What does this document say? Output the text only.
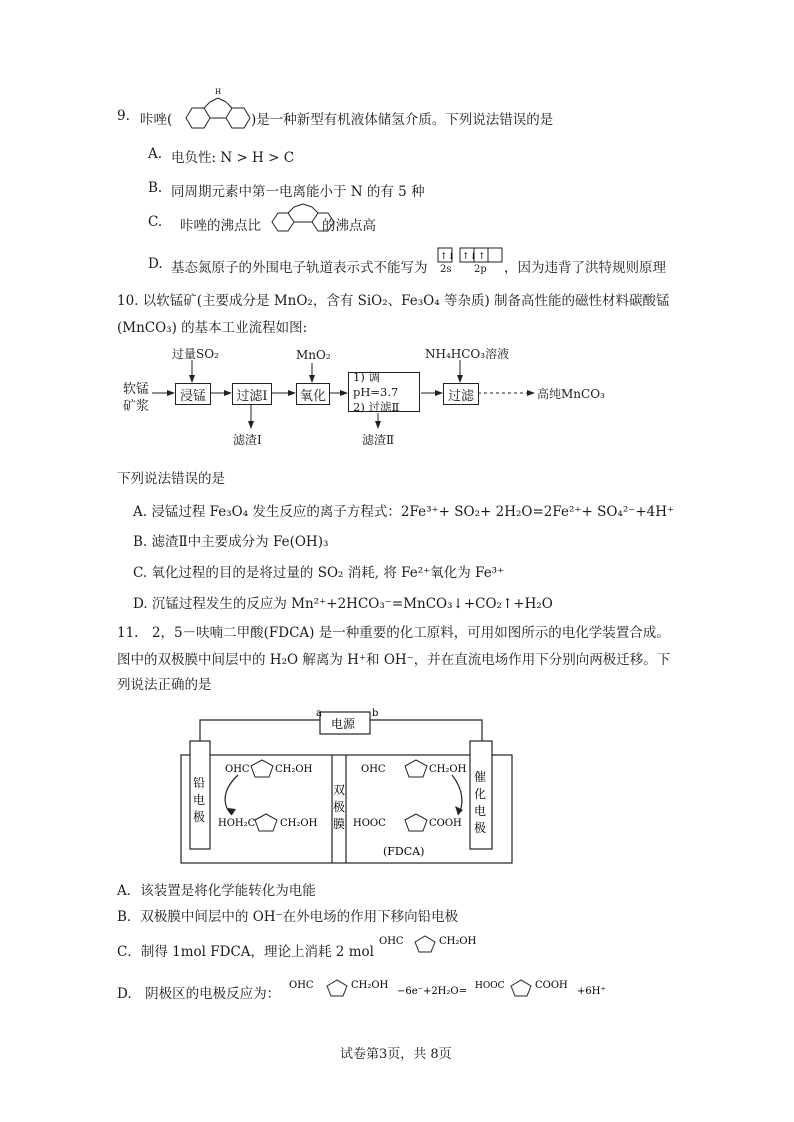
9. 咔唑(
H
)是一种新型有机液体储氢介质。下列说法错误的是
A. 电负性: N > H > C
B. 同周期元素中第一电离能小于 N 的有 5 种
C. 咔唑的沸点比	的沸点高
D. 基态氮原子的外围电子轨道表示式不能写为
↑↓ ↑↓ ↑
2s 2p ，因为违背了洪特规则原理
10. 以软锰矿(主要成分是 MnO₂，含有 SiO₂、Fe₃O₄ 等杂质) 制备高性能的磁性材料碳酸锰
(MnCO₃) 的基本工业流程如图:
软锰
矿浆
过量SO₂
浸锰	过滤Ⅰ
滤渣Ⅰ
MnO₂
氧化
1) 调pH=3.7
2) 过滤Ⅱ
滤渣Ⅱ
NH₄HCO₃溶液
过滤	高纯MnCO₃
下列说法错误的是
A. 浸锰过程 Fe₃O₄ 发生反应的离子方程式：2Fe³⁺+ SO₂+ 2H₂O=2Fe²⁺+ SO₄²⁻+4H⁺
B. 滤渣Ⅱ中主要成分为 Fe(OH)₃
C. 氧化过程的目的是将过量的 SO₂ 消耗, 将 Fe²⁺氧化为 Fe³⁺
D. 沉锰过程发生的反应为 Mn²⁺+2HCO₃⁻=MnCO₃↓+CO₂↑+H₂O
11.　2，5－呋喃二甲酸(FDCA) 是一种重要的化工原料，可用如图所示的电化学装置合成。
图中的双极膜中间层中的 H₂O 解离为 H⁺和 OH⁻，并在直流电场作用下分别向两极迁移。下
列说法正确的是
a	b
电源
铅
电
极
双
极
膜
催
化
电
极
OHC	CH₂OH
HOH₂C CH₂OH
OHC	CH₂OH
HOOC	COOH
(FDCA)
A．该装置是将化学能转化为电能
B．双极膜中间层中的 OH⁻在外电场的作用下移向铅电极
C．制得 1mol FDCA，理论上消耗 2 mol
OHC	CH₂OH
D.　阴极区的电极反应为：
OHC	CH₂OH
−6e⁻+2H₂O= HOOC	COOH
+6H⁺
试卷第3页，共 8页
